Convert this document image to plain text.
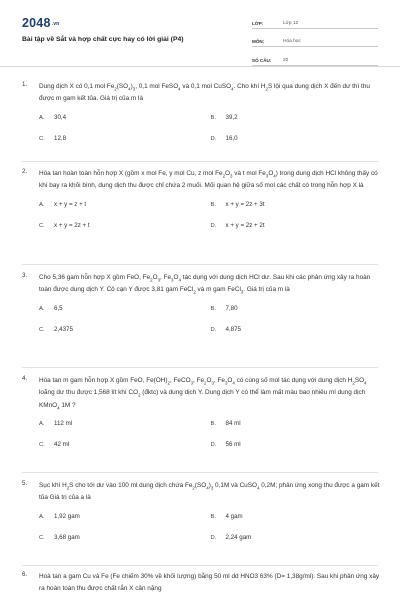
2048.vn
Bài tập về Sắt và hợp chất cực hay có lời giải (P4)
LỚP:	Lớp 12
MÔN:	Hóa học
SỐ CÂU:	20
1. Dung dịch X có 0,1 mol $Fe_2(SO_4)_3$, 0,1 mol FeSO$_4$ và 0,1 mol CuSO$_4$. Cho khí $H_2S$ lội qua dung dịch X đến dư thì thu được m gam kết tủa. Giá trị của m là
A. 30,4	B. 39,2
C. 12,8	D. 16,0
2. Hòa tan hoàn toàn hỗn hợp X (gồm x mol Fe, y mol Cu, z mol $Fe_2O_3$ và t mol $Fe_3O_4$) trong dung dịch HCl không thấy có khí bay ra khỏi bình, dung dịch thu được chỉ chứa 2 muối. Mối quan hệ giữa số mol các chất có trong hỗn hợp X là
A. x + y = z + t	B. x + y = 2z + 3t
C. x + y = 2z + t	D. x + y = 2z + 2t
3. Cho 5,36 gam hỗn hợp X gồm FeO, $Fe_2O_3$, $Fe_3O_4$ tác dụng với dung dịch HCl dư. Sau khi các phản ứng xảy ra hoàn toàn được dung dịch Y. Cô cạn Y được 3,81 gam FeCl$_2$ và m gam FeCl$_3$. Giá trị của m là
A. 6,5	B. 7,80
C. 2,4375	D. 4,875
4. Hòa tan m gam hỗn hợp X gồm FeO, $Fe(OH)_2$, FeCO$_3$, $Fe_2O_3$, $Fe_3O_4$ có cùng số mol tác dụng với dung dịch $H_2SO_4$ loãng dư thu được 1,568 lít khí $CO_2$ (đktc) và dung dịch Y. Dung dịch Y có thể làm mất màu bao nhiêu ml dung dịch KMnO$_4$ 1M ?
A. 112 ml	B. 84 ml
C. 42 ml	D. 56 ml
5. Sục khí $H_2S$ cho tới dư vào 100 ml dung dịch chứa $Fe_2(SO_4)_3$ 0,1M và CuSO$_4$ 0,2M; phản ứng xong thu được a gam kết tủa Giá trị của a là
A. 1,92 gam	B. 4 gam
C. 3,68 gam	D. 2,24 gam
6. Hoà tan a gam Cu và Fe (Fe chiếm 30% về khối lượng) bằng 50 ml dd HNO3 63% (D= 1,38g/ml). Sau khi phản ứng xảy ra hoàn toàn thu được chất rắn X cân nặng
